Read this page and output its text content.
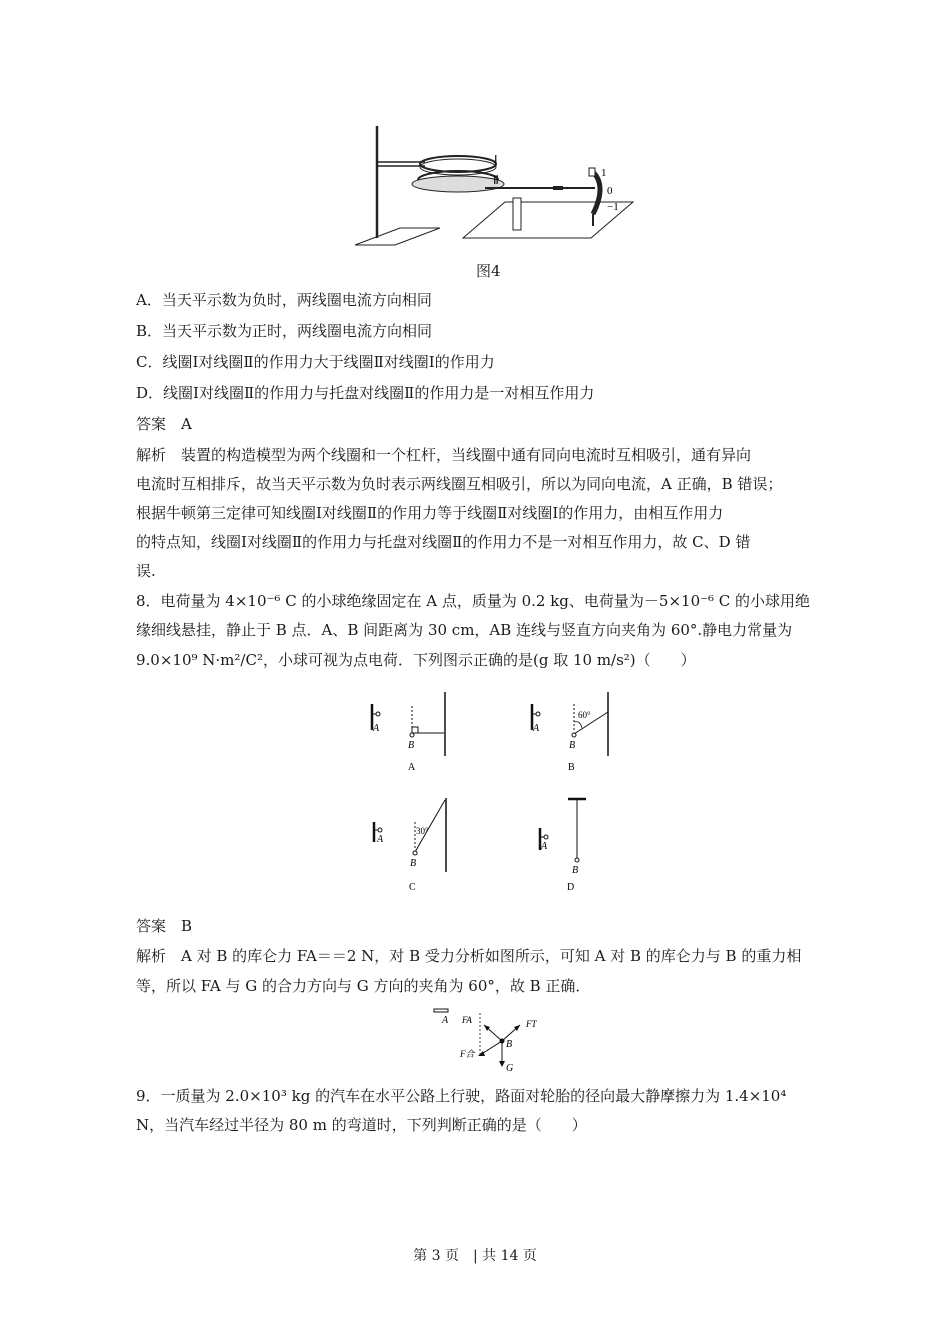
Ⅰ
Ⅱ	1
0
−1
图4
A．当天平示数为负时，两线圈电流方向相同
B．当天平示数为正时，两线圈电流方向相同
C．线圈Ⅰ对线圈Ⅱ的作用力大于线圈Ⅱ对线圈Ⅰ的作用力
D．线圈Ⅰ对线圈Ⅱ的作用力与托盘对线圈Ⅱ的作用力是一对相互作用力
答案　A
解析　装置的构造模型为两个线圈和一个杠杆，当线圈中通有同向电流时互相吸引，通有异向
电流时互相排斥，故当天平示数为负时表示两线圈互相吸引，所以为同向电流，A 正确，B 错误；
根据牛顿第三定律可知线圈Ⅰ对线圈Ⅱ的作用力等于线圈Ⅱ对线圈Ⅰ的作用力，由相互作用力
的特点知，线圈Ⅰ对线圈Ⅱ的作用力与托盘对线圈Ⅱ的作用力不是一对相互作用力，故 C、D 错
误.
8．电荷量为 4×10⁻⁶ C 的小球绝缘固定在 A 点，质量为 0.2 kg、电荷量为－5×10⁻⁶ C 的小球用绝
缘细线悬挂，静止于 B 点．A、B 间距离为 30 cm，AB 连线与竖直方向夹角为 60°.静电力常量为
9.0×10⁹ N·m²/C²，小球可视为点电荷．下列图示正确的是(g 取 10 m/s²)（　　）
A
B
A
A
60°
B
B
A
30°
B
C
A
B
D
答案　B
解析　A 对 B 的库仑力 FA＝＝2 N，对 B 受力分析如图所示，可知 A 对 B 的库仑力与 B 的重力相
等，所以 FA 与 G 的合力方向与 G 方向的夹角为 60°，故 B 正确．
A FA	FT
B
F合
G
9．一质量为 2.0×10³ kg 的汽车在水平公路上行驶，路面对轮胎的径向最大静摩擦力为 1.4×10⁴
N，当汽车经过半径为 80 m 的弯道时，下列判断正确的是（　　）
第 3 页　| 共 14 页
